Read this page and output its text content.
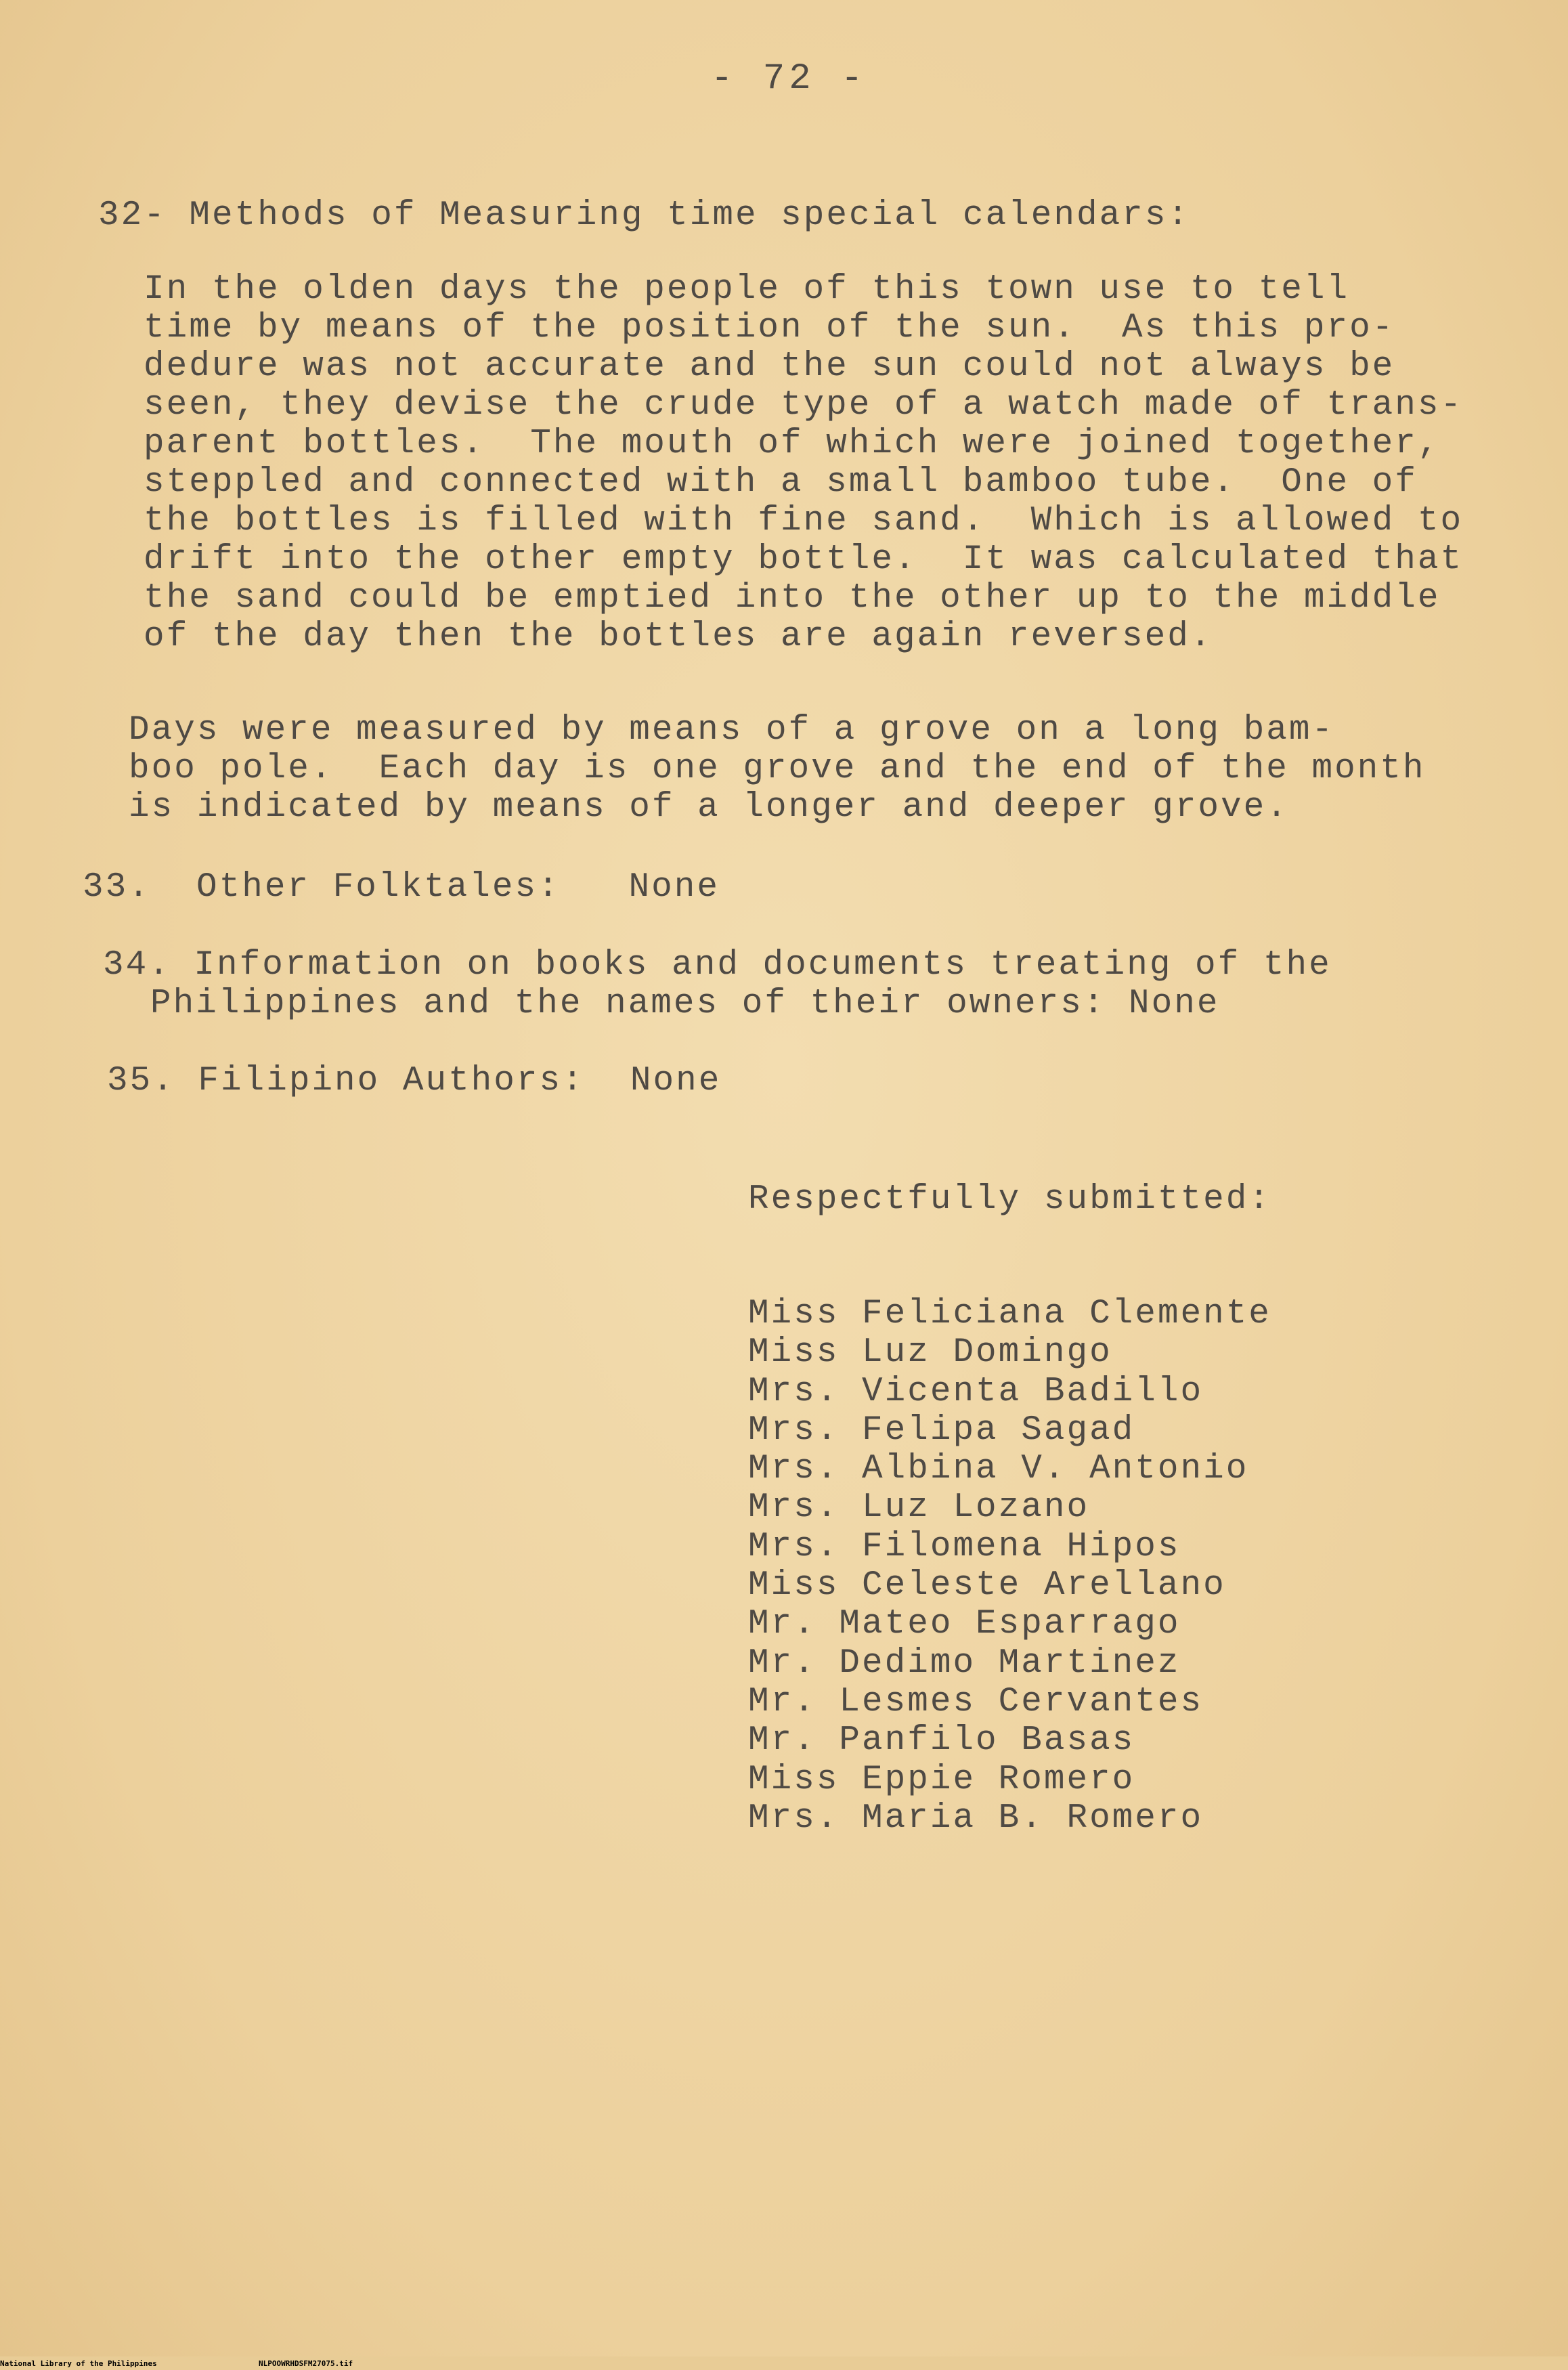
- 72 -
32- Methods of Measuring time special calendars:
In the olden days the people of this town use to tell
time by means of the position of the sun.  As this pro-
dedure was not accurate and the sun could not always be
seen, they devise the crude type of a watch made of trans-
parent bottles.  The mouth of which were joined together,
steppled and connected with a small bamboo tube.  One of
the bottles is filled with fine sand.  Which is allowed to
drift into the other empty bottle.  It was calculated that
the sand could be emptied into the other up to the middle
of the day then the bottles are again reversed.
Days were measured by means of a grove on a long bam-
boo pole.  Each day is one grove and the end of the month
is indicated by means of a longer and deeper grove.
33.  Other Folktales:   None
34. Information on books and documents treating of the
Philippines and the names of their owners: None
35. Filipino Authors:  None
Respectfully submitted:
Miss Feliciana Clemente
Miss Luz Domingo
Mrs. Vicenta Badillo
Mrs. Felipa Sagad
Mrs. Albina V. Antonio
Mrs. Luz Lozano
Mrs. Filomena Hipos
Miss Celeste Arellano
Mr. Mateo Esparrago
Mr. Dedimo Martinez
Mr. Lesmes Cervantes
Mr. Panfilo Basas
Miss Eppie Romero
Mrs. Maria B. Romero
National Library of the Philippines	NLPOOWRHDSFM27075.tif
